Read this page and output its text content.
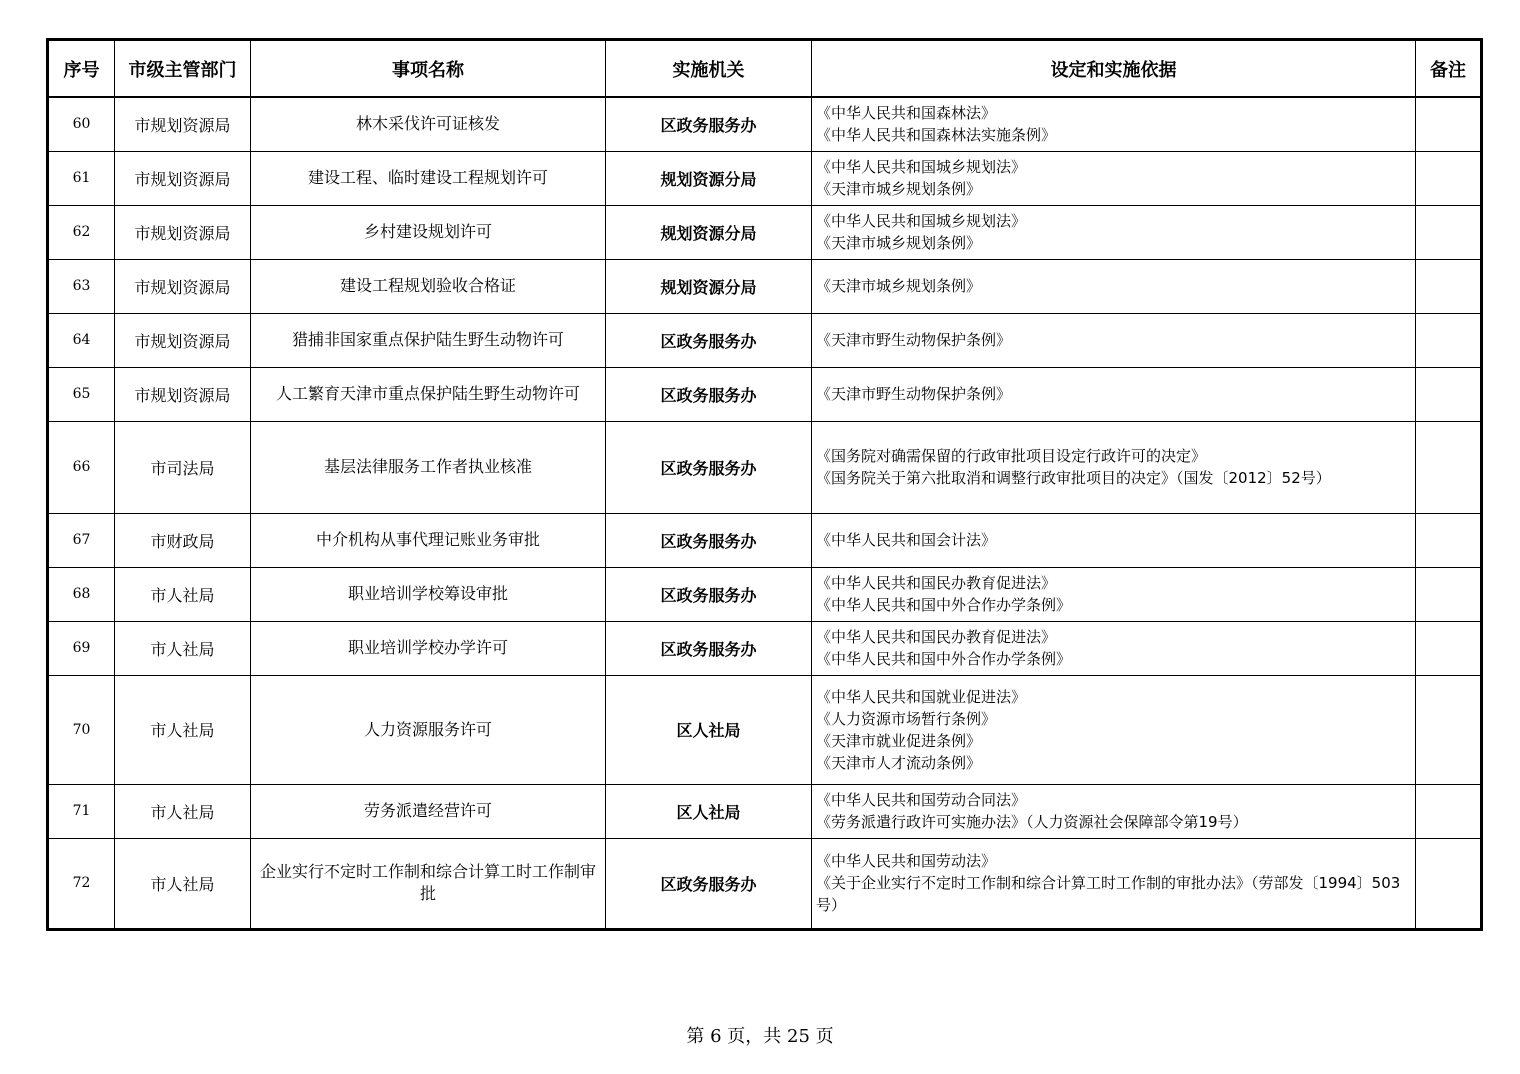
序号	市级主管部门	事项名称	实施机关	设定和实施依据	备注
60	市规划资源局	林木采伐许可证核发	区政务服务办	《中华人民共和国森林法》
《中华人民共和国森林法实施条例》	

61	市规划资源局	建设工程、临时建设工程规划许可	规划资源分局	《中华人民共和国城乡规划法》
《天津市城乡规划条例》	

62	市规划资源局	乡村建设规划许可	规划资源分局	《中华人民共和国城乡规划法》
《天津市城乡规划条例》	

63	市规划资源局	建设工程规划验收合格证	规划资源分局	《天津市城乡规划条例》	

64	市规划资源局	猎捕非国家重点保护陆生野生动物许可	区政务服务办	《天津市野生动物保护条例》	

65	市规划资源局	人工繁育天津市重点保护陆生野生动物许可	区政务服务办	《天津市野生动物保护条例》	

66	市司法局	基层法律服务工作者执业核准	区政务服务办	《国务院对确需保留的行政审批项目设定行政许可的决定》
《国务院关于第六批取消和调整行政审批项目的决定》（国发〔2012〕52号）	

67	市财政局	中介机构从事代理记账业务审批	区政务服务办	《中华人民共和国会计法》	

68	市人社局	职业培训学校筹设审批	区政务服务办	《中华人民共和国民办教育促进法》
《中华人民共和国中外合作办学条例》	

69	市人社局	职业培训学校办学许可	区政务服务办	《中华人民共和国民办教育促进法》
《中华人民共和国中外合作办学条例》	

70	市人社局	人力资源服务许可	区人社局	《中华人民共和国就业促进法》
《人力资源市场暂行条例》
《天津市就业促进条例》
《天津市人才流动条例》	

71	市人社局	劳务派遣经营许可	区人社局	《中华人民共和国劳动合同法》
《劳务派遣行政许可实施办法》（人力资源社会保障部令第19号）	

72	市人社局	企业实行不定时工作制和综合计算工时工作制审批	区政务服务办	《中华人民共和国劳动法》
《关于企业实行不定时工作制和综合计算工时工作制的审批办法》（劳部发〔1994〕503号）	

第 6 页，共 25 页
